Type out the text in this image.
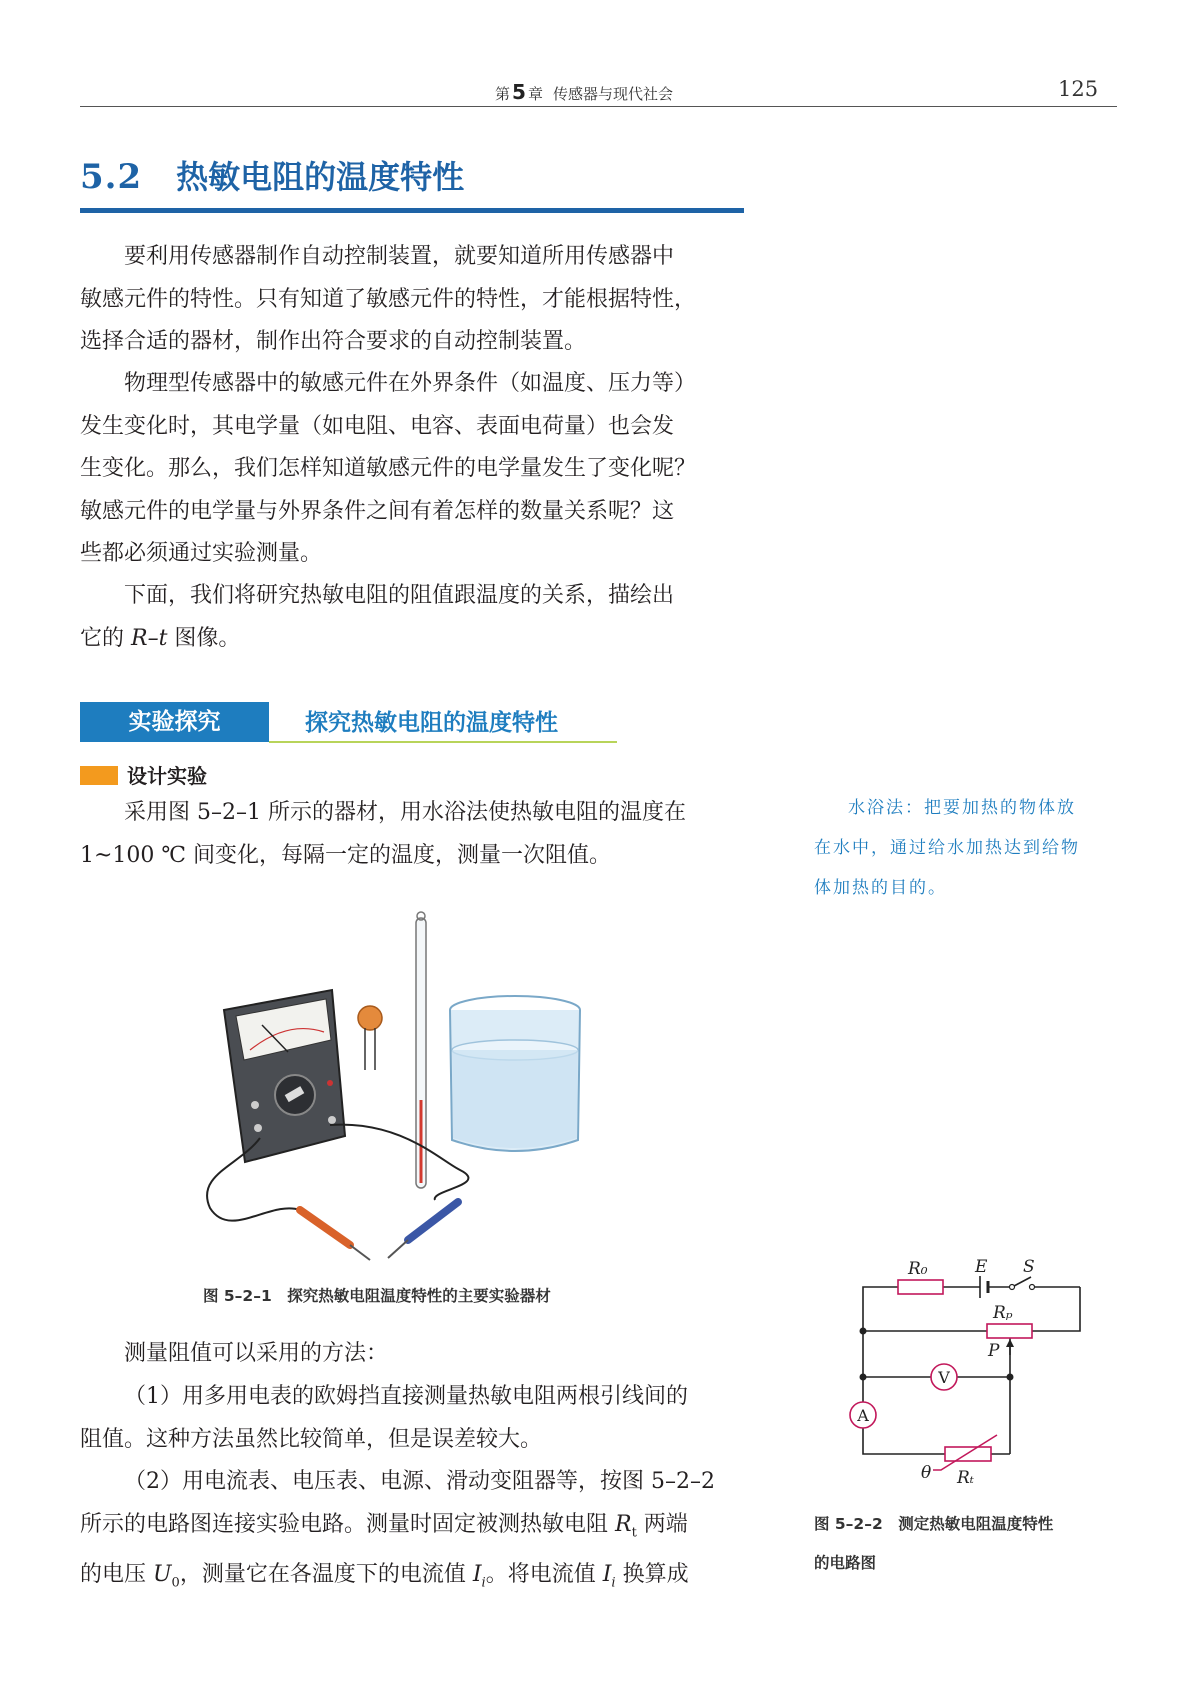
第 5 章 传感器与现代社会	125
5.2 热敏电阻的温度特性
要利用传感器制作自动控制装置，就要知道所用传感器中
敏感元件的特性。只有知道了敏感元件的特性，才能根据特性，
选择合适的器材，制作出符合要求的自动控制装置。
物理型传感器中的敏感元件在外界条件（如温度、压力等）
发生变化时，其电学量（如电阻、电容、表面电荷量）也会发
生变化。那么，我们怎样知道敏感元件的电学量发生了变化呢？
敏感元件的电学量与外界条件之间有着怎样的数量关系呢？这
些都必须通过实验测量。
下面，我们将研究热敏电阻的阻值跟温度的关系，描绘出
它的 R–t 图像。
实验探究	探究热敏电阻的温度特性
设计实验
采用图 5–2–1 所示的器材，用水浴法使热敏电阻的温度在
1~100 ℃ 间变化，每隔一定的温度，测量一次阻值。
水浴法：把要加热的物体放
在水中，通过给水加热达到给物
体加热的目的。
图 5–2–1　探究热敏电阻温度特性的主要实验器材
测量阻值可以采用的方法：
（1）用多用电表的欧姆挡直接测量热敏电阻两根引线间的
阻值。这种方法虽然比较简单，但是误差较大。
（2）用电流表、电压表、电源、滑动变阻器等，按图 5–2–2
所示的电路图连接实验电路。测量时固定被测热敏电阻 $R_t$ 两端
的电压 $U_0$，测量它在各温度下的电流值 $I_i$。将电流值 $I_i$ 换算成
R₀	E S
Rₚ
P
θ Rₜ
V
A
图 5–2–2　测定热敏电阻温度特性
的电路图
